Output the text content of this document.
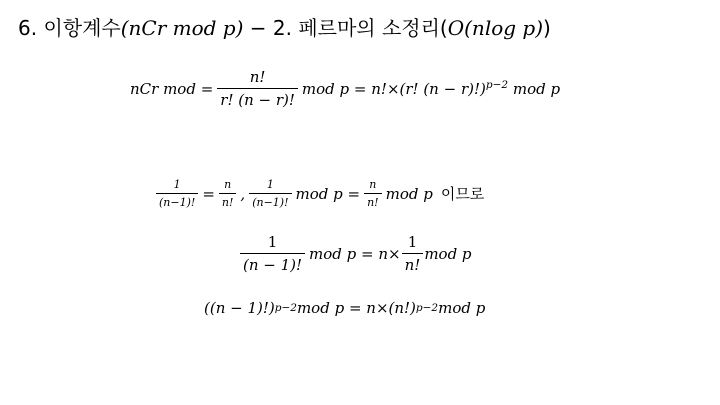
6. 이항계수(nCr mod p) − 2. 페르마의 소정리(O(nlog p))
nCr mod = $\frac{n!}{r! (n - r)!}$ mod p = n!×(r! (n − r)!)$^{p-2}$ mod p
$\frac{1}{(n-1)!} = \frac{n}{n!}$ , $\frac{1}{(n-1)!}$ mod $p = \frac{n}{n!}$ mod p 이므로
$\frac{1}{(n - 1)!}$ mod $p = n\times \frac{1}{n!}$ mod p
((n − 1)!) p−2 mod p = n×(n!) p−2 mod p
